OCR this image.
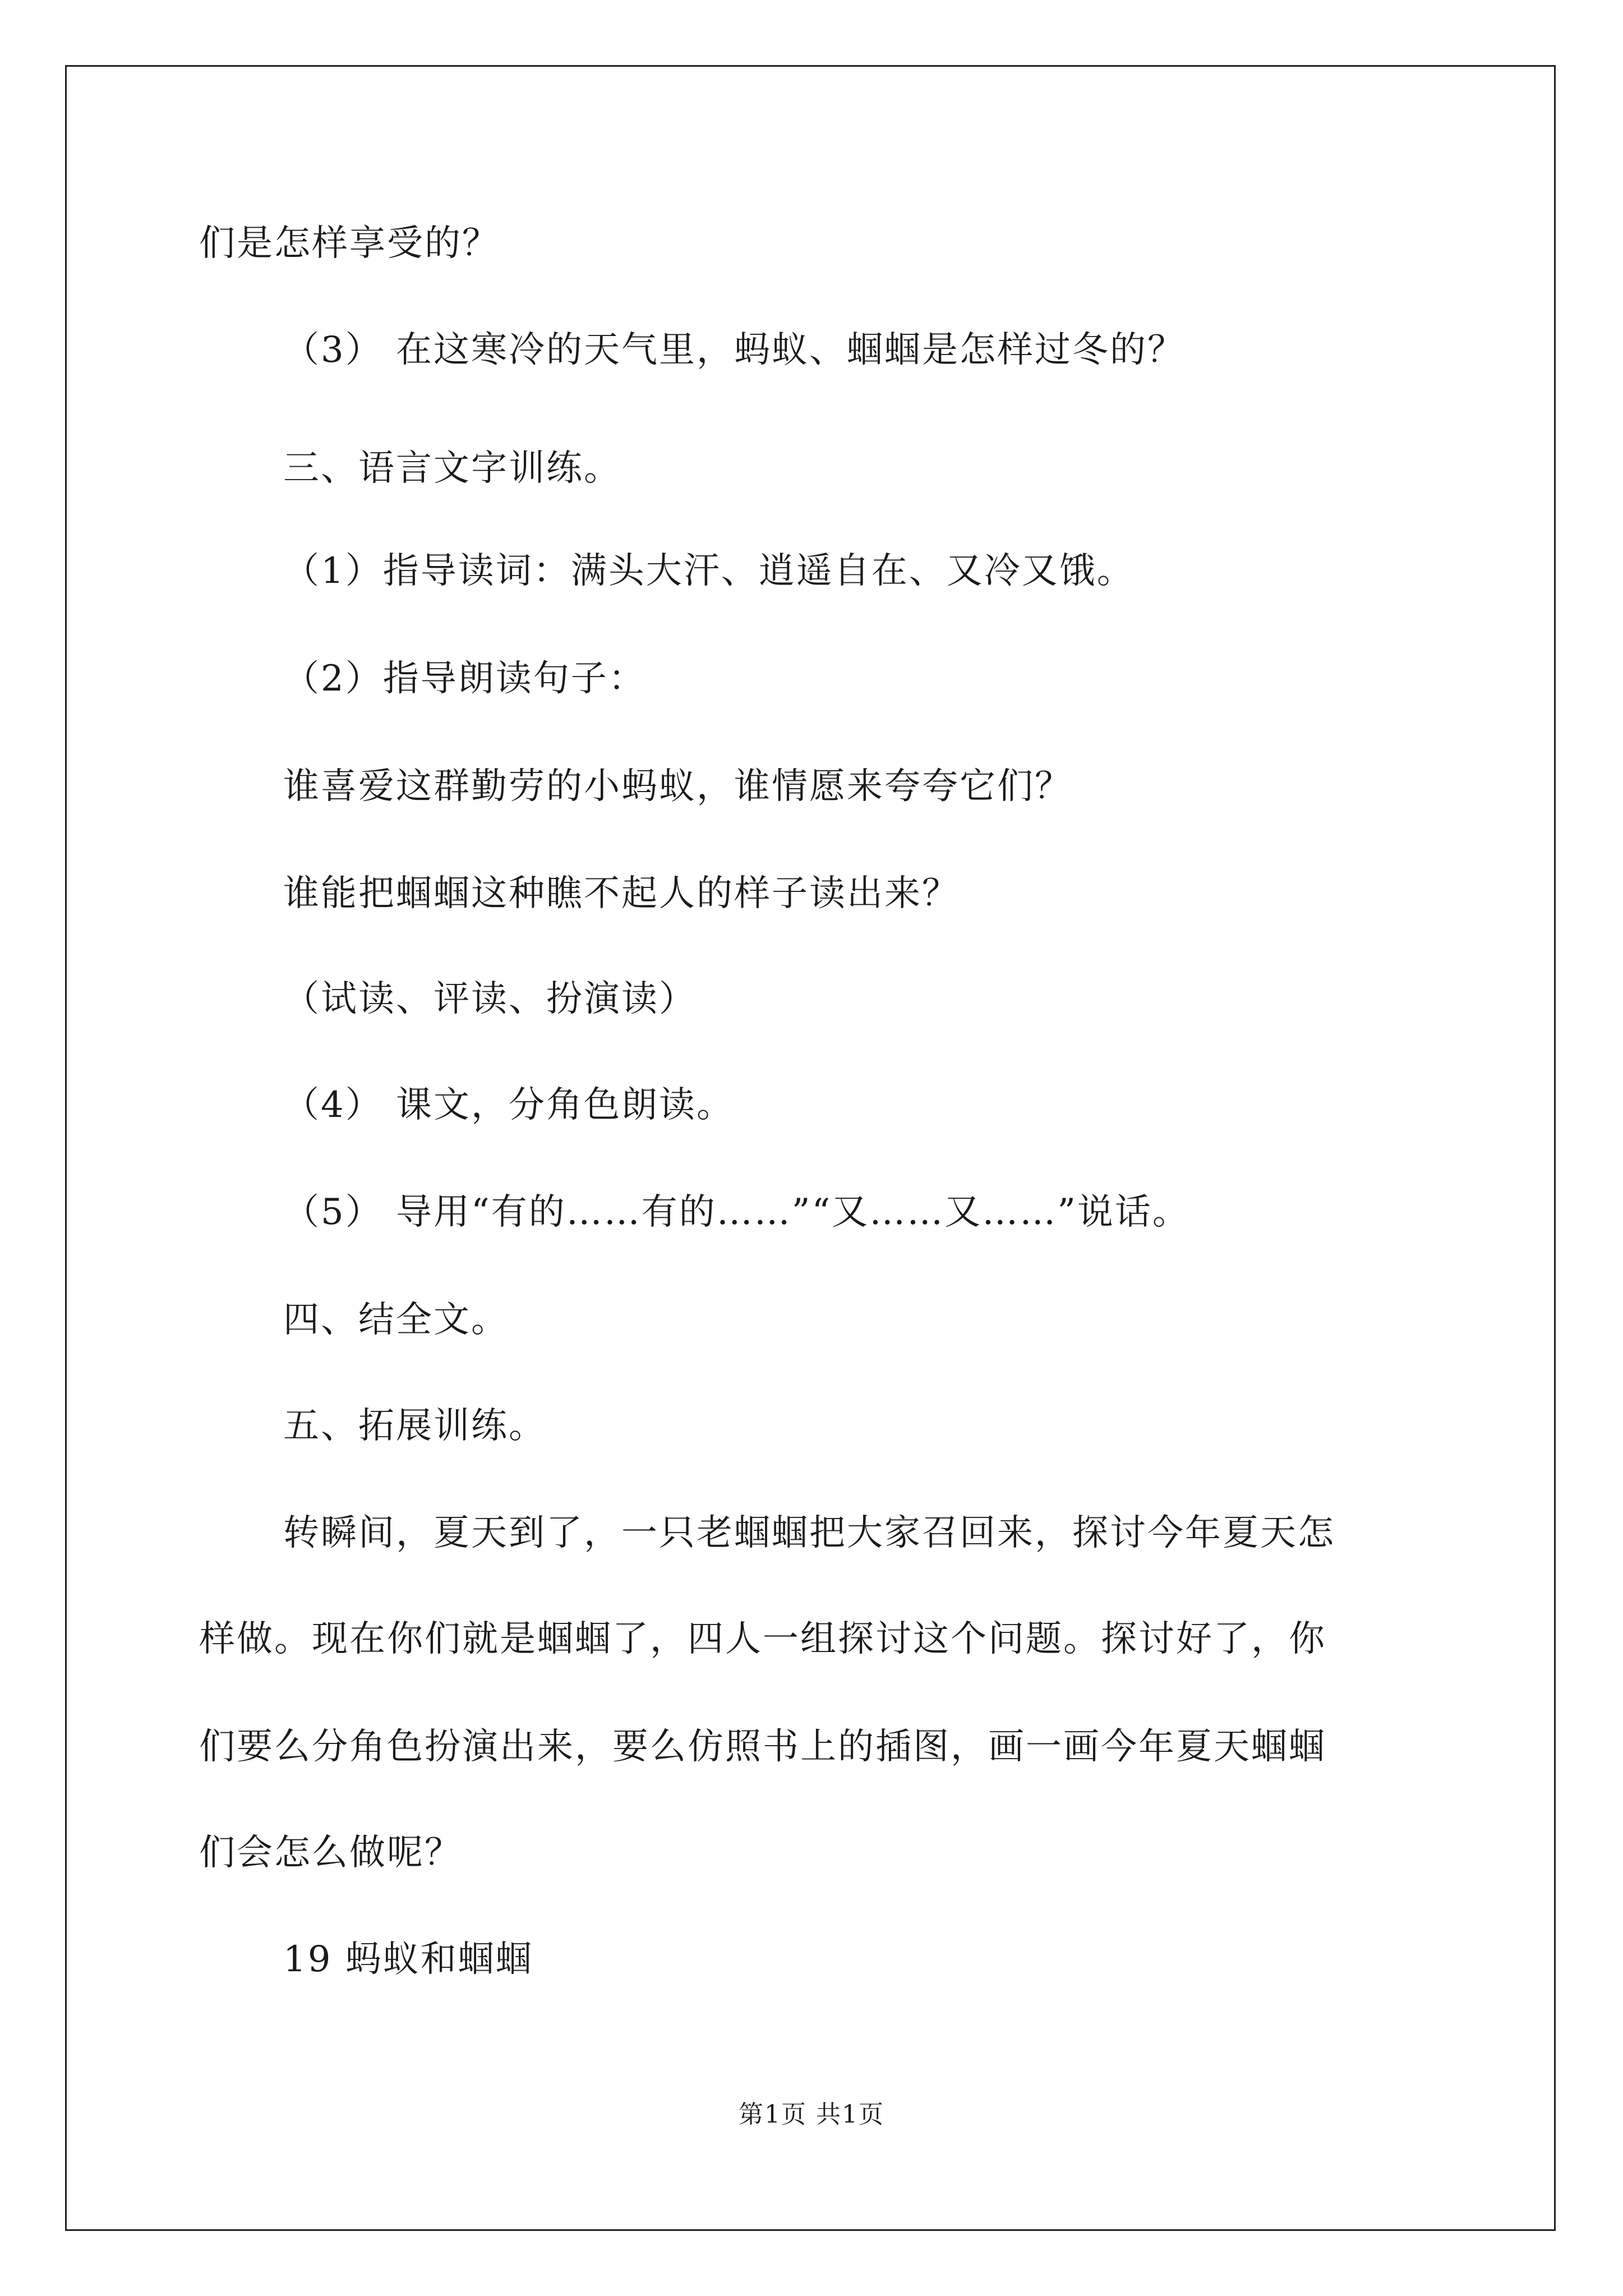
们是怎样享受的？
（3） 在这寒冷的天气里，蚂蚁、蝈蝈是怎样过冬的？
三、语言文字训练。
（1）指导读词：满头大汗、逍遥自在、又冷又饿。
（2）指导朗读句子：
谁喜爱这群勤劳的小蚂蚁，谁情愿来夸夸它们？
谁能把蝈蝈这种瞧不起人的样子读出来？
（试读、评读、扮演读）
（4） 课文，分角色朗读。
（5） 导用“有的……有的……”“又……又……”说话。
四、结全文。
五、拓展训练。
转瞬间，夏天到了，一只老蝈蝈把大家召回来，探讨今年夏天怎
样做。现在你们就是蝈蝈了，四人一组探讨这个问题。探讨好了，你
们要么分角色扮演出来，要么仿照书上的插图，画一画今年夏天蝈蝈
们会怎么做呢？
19 蚂蚁和蝈蝈
第1页 共1页
